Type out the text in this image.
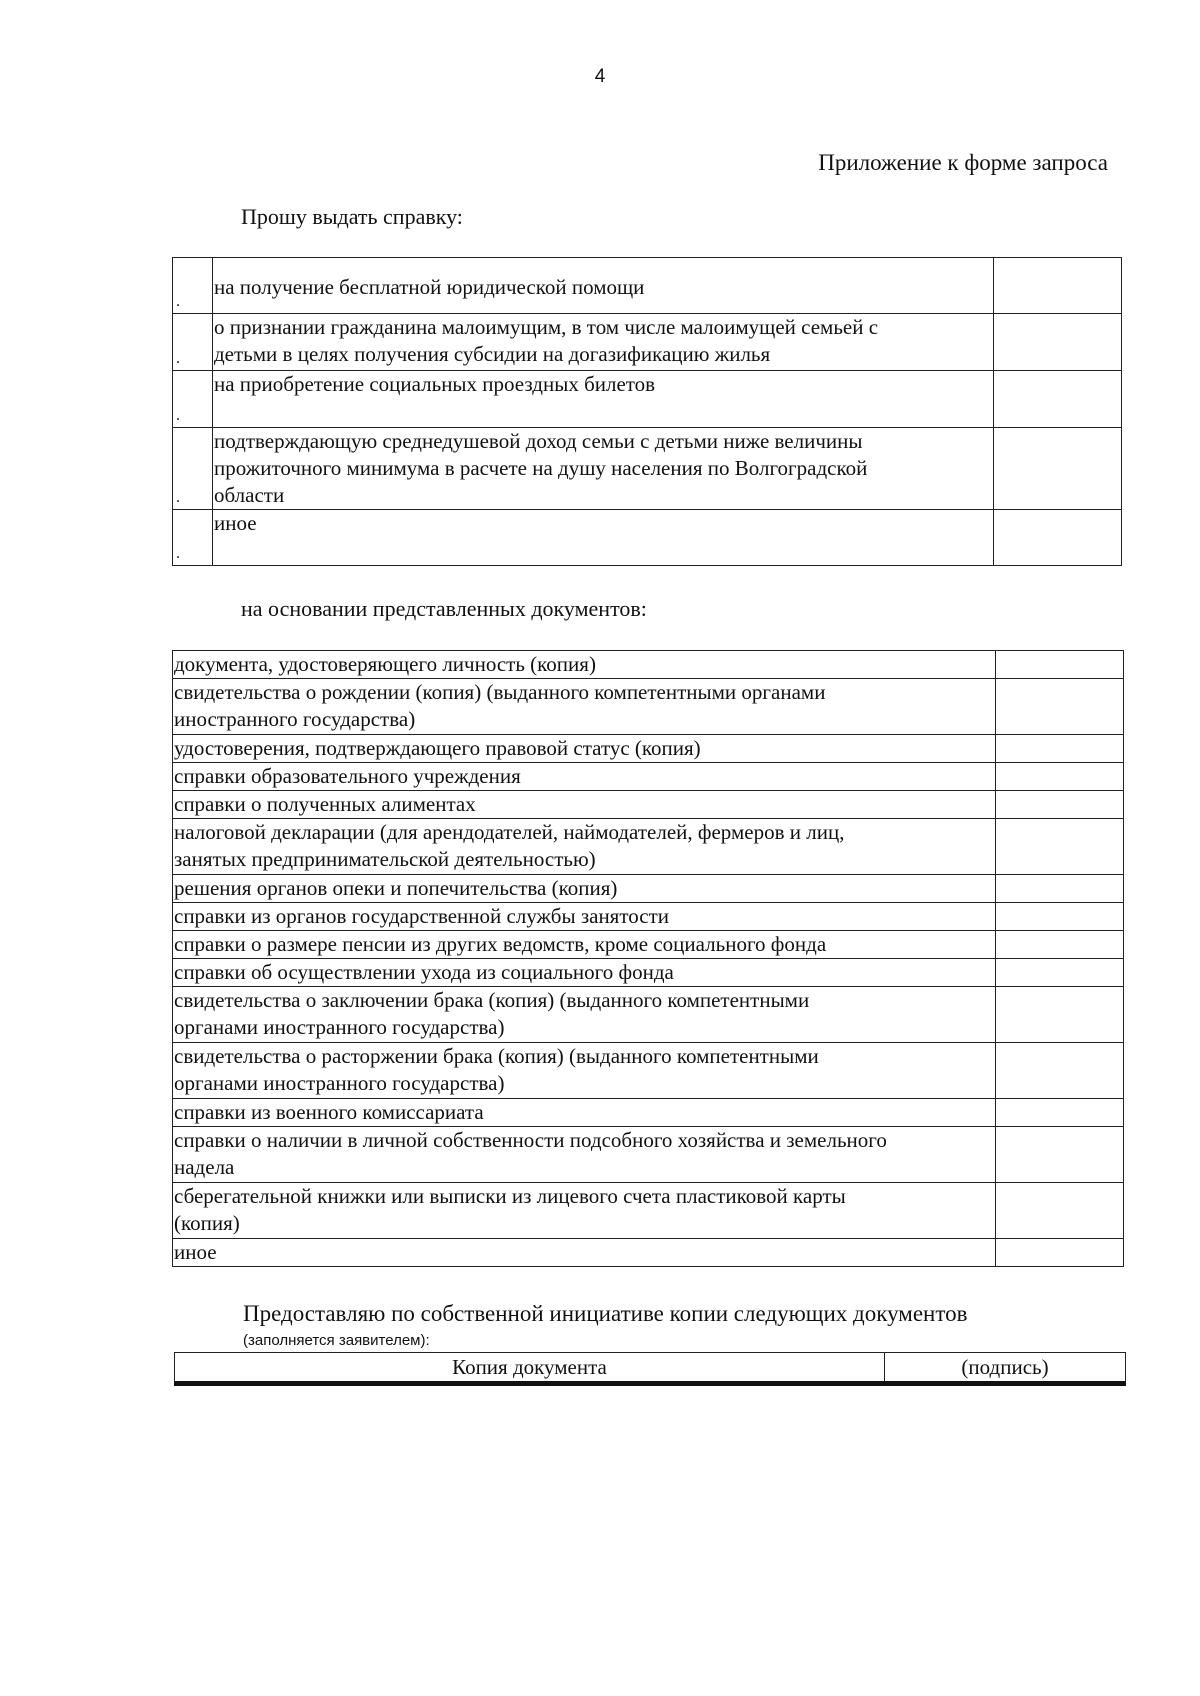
4
Приложение к форме запроса
Прошу выдать справку:
.	на получение бесплатной юридической помощи	

.	о признании гражданина малоимущим, в том числе малоимущей семьей с
детьми в целях получения субсидии на догазификацию жилья	

.	на приобретение социальных проездных билетов	

.	подтверждающую среднедушевой доход семьи с детьми ниже величины
прожиточного минимума в расчете на душу населения по Волгоградской
области	

.	иное	

на основании представленных документов:
документа, удостоверяющего личность (копия)	

свидетельства о рождении (копия) (выданного компетентными органами
иностранного государства)	

удостоверения, подтверждающего правовой статус (копия)	

справки образовательного учреждения	

справки о полученных алиментах	

налоговой декларации (для арендодателей, наймодателей, фермеров и лиц,
занятых предпринимательской деятельностью)	

решения органов опеки и попечительства (копия)	

справки из органов государственной службы занятости	

справки о размере пенсии из других ведомств, кроме социального фонда	

справки об осуществлении ухода из социального фонда	

свидетельства о заключении брака (копия) (выданного компетентными
органами иностранного государства)	

свидетельства о расторжении брака (копия) (выданного компетентными
органами иностранного государства)	

справки из военного комиссариата	

справки о наличии в личной собственности подсобного хозяйства и земельного
надела	

сберегательной книжки или выписки из лицевого счета пластиковой карты
(копия)	

иное	

Предоставляю по собственной инициативе копии следующих документов
(заполняется заявителем):
Копия документа	(подпись)
